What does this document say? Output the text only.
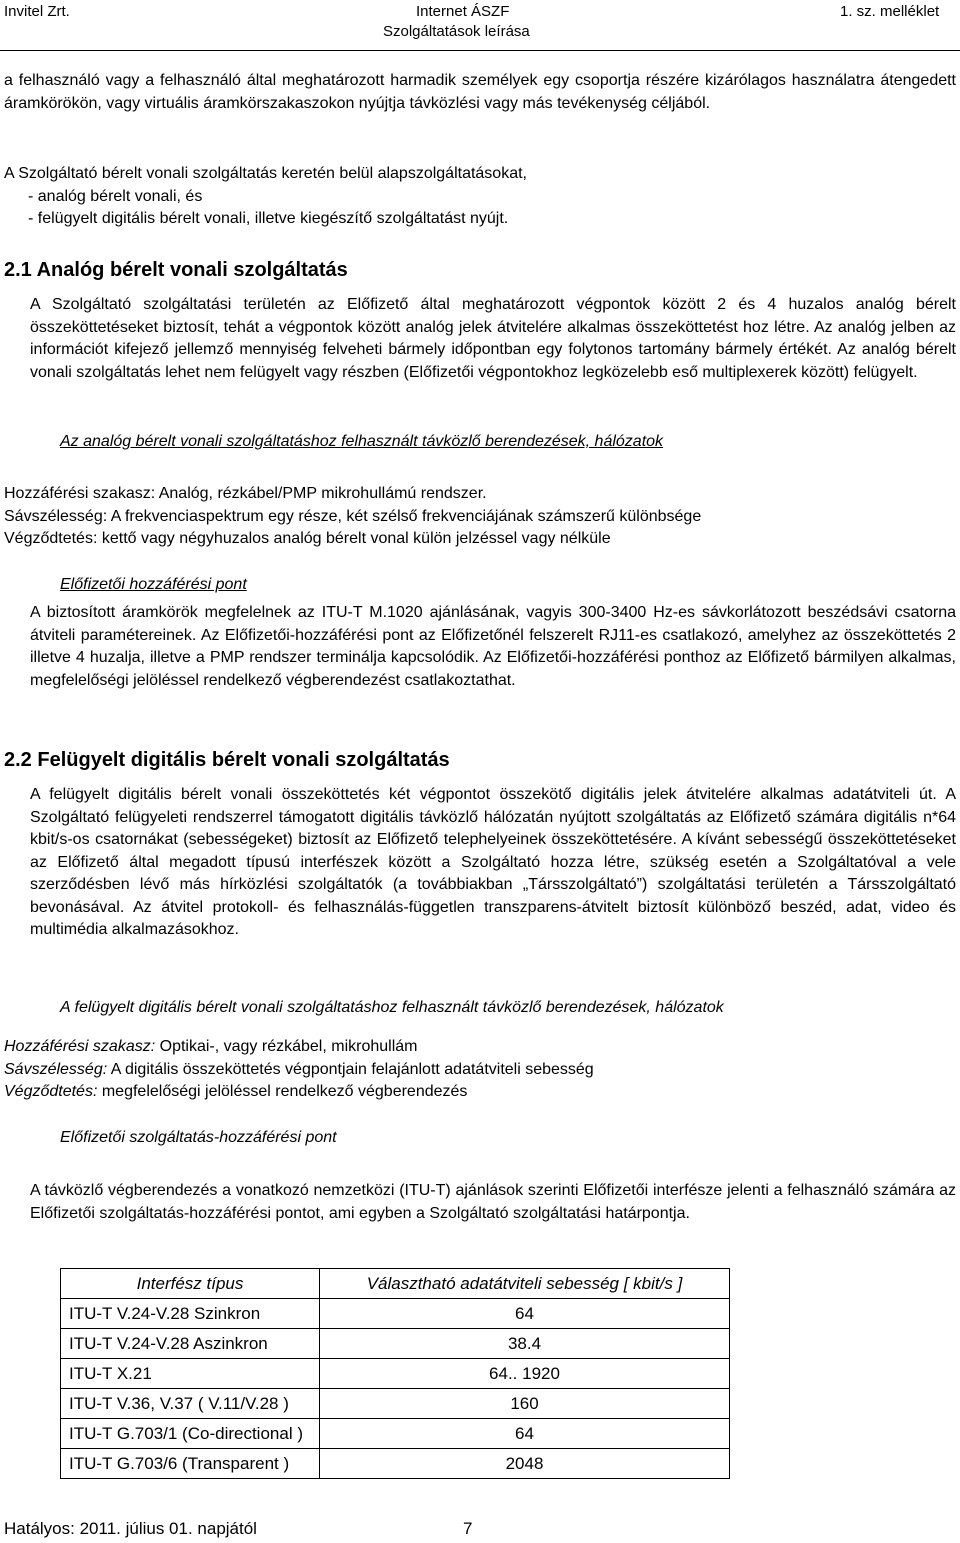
Invitel Zrt.	Internet ÁSZF
Szolgáltatások leírása
1. sz. melléklet
a felhasználó vagy a felhasználó által meghatározott harmadik személyek egy csoportja részére kizárólagos használatra átengedett áramkörökön, vagy virtuális áramkörszakaszokon nyújtja távközlési vagy más tevékenység céljából.
A Szolgáltató bérelt vonali szolgáltatás keretén belül alapszolgáltatásokat,
- analóg bérelt vonali, és
- felügyelt digitális bérelt vonali, illetve kiegészítő szolgáltatást nyújt.
2.1 Analóg bérelt vonali szolgáltatás
A Szolgáltató szolgáltatási területén az Előfizető által meghatározott végpontok között 2 és 4 huzalos analóg bérelt összeköttetéseket biztosít, tehát a végpontok között analóg jelek átvitelére alkalmas összeköttetést hoz létre. Az analóg jelben az információt kifejező jellemző mennyiség felveheti bármely időpontban egy folytonos tartomány bármely értékét. Az analóg bérelt vonali szolgáltatás lehet nem felügyelt vagy részben (Előfizetői végpontokhoz legközelebb eső multiplexerek között) felügyelt.
Az analóg bérelt vonali szolgáltatáshoz felhasznált távközlő berendezések, hálózatok
Hozzáférési szakasz: Analóg, rézkábel/PMP mikrohullámú rendszer.
Sávszélesség: A frekvenciaspektrum egy része, két szélső frekvenciájának számszerű különbsége
Végződtetés: kettő vagy négyhuzalos analóg bérelt vonal külön jelzéssel vagy nélküle
Előfizetői hozzáférési pont
A biztosított áramkörök megfelelnek az ITU-T M.1020 ajánlásának, vagyis 300-3400 Hz-es sávkorlátozott beszédsávi csatorna átviteli paramétereinek. Az Előfizetői-hozzáférési pont az Előfizetőnél felszerelt RJ11-es csatlakozó, amelyhez az összeköttetés 2 illetve 4 huzalja, illetve a PMP rendszer terminálja kapcsolódik. Az Előfizetői-hozzáférési ponthoz az Előfizető bármilyen alkalmas, megfelelőségi jelöléssel rendelkező végberendezést csatlakoztathat.
2.2 Felügyelt digitális bérelt vonali szolgáltatás
A felügyelt digitális bérelt vonali összeköttetés két végpontot összekötő digitális jelek átvitelére alkalmas adatátviteli út. A Szolgáltató felügyeleti rendszerrel támogatott digitális távközlő hálózatán nyújtott szolgáltatás az Előfizető számára digitális n*64 kbit/s-os csatornákat (sebességeket) biztosít az Előfizető telephelyeinek összeköttetésére. A kívánt sebességű összeköttetéseket az Előfizető által megadott típusú interfészek között a Szolgáltató hozza létre, szükség esetén a Szolgáltatóval a vele szerződésben lévő más hírközlési szolgáltatók (a továbbiakban „Társszolgáltató”) szolgáltatási területén a Társszolgáltató bevonásával. Az átvitel protokoll- és felhasználás-független transzparens-átvitelt biztosít különböző beszéd, adat, video és multimédia alkalmazásokhoz.
A felügyelt digitális bérelt vonali szolgáltatáshoz felhasznált távközlő berendezések, hálózatok
Hozzáférési szakasz: Optikai-, vagy rézkábel, mikrohullám
Sávszélesség: A digitális összeköttetés végpontjain felajánlott adatátviteli sebesség
Végződtetés: megfelelőségi jelöléssel rendelkező végberendezés
Előfizetői szolgáltatás-hozzáférési pont
A távközlő végberendezés a vonatkozó nemzetközi (ITU-T) ajánlások szerinti Előfizetői interfésze jelenti a felhasználó számára az Előfizetői szolgáltatás-hozzáférési pontot, ami egyben a Szolgáltató szolgáltatási határpontja.
Interfész típus	Választható adatátviteli sebesség [ kbit/s ]
ITU-T V.24-V.28 Szinkron	64
ITU-T V.24-V.28 Aszinkron	38.4
ITU-T X.21	64.. 1920
ITU-T V.36, V.37 ( V.11/V.28 )	160
ITU-T G.703/1 (Co-directional )	64
ITU-T G.703/6 (Transparent )	2048
Hatályos: 2011. július 01. napjától	7
